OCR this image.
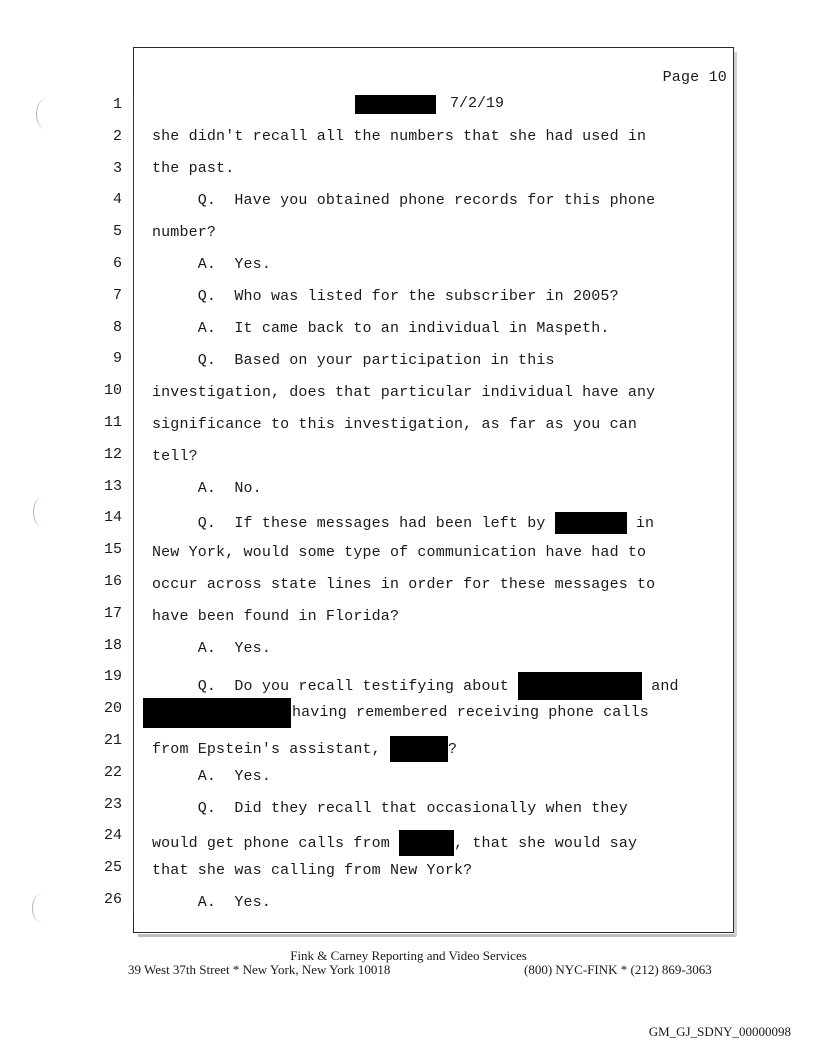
Page 10
1
2
3
4
5
6
7
8
9
10
11
12
13
14
15
16
17
18
19
20
21
22
23
24
25
26
7/2/19
she didn't recall all the numbers that she had used in
the past.
Q.  Have you obtained phone records for this phone
number?
A.  Yes.
Q.  Who was listed for the subscriber in 2005?
A.  It came back to an individual in Maspeth.
Q.  Based on your participation in this
investigation, does that particular individual have any
significance to this investigation, as far as you can
tell?
A.  No.
Q.  If these messages had been left by	in
New York, would some type of communication have had to
occur across state lines in order for these messages to
have been found in Florida?
A.  Yes.
Q.  Do you recall testifying about	and
having remembered receiving phone calls
from Epstein's assistant,	?
A.  Yes.
Q.  Did they recall that occasionally when they
would get phone calls from	, that she would say
that she was calling from New York?
A.  Yes.
Fink & Carney Reporting and Video Services
39 West 37th Street * New York, New York 10018	(800) NYC-FINK * (212) 869-3063
GM_GJ_SDNY_00000098
